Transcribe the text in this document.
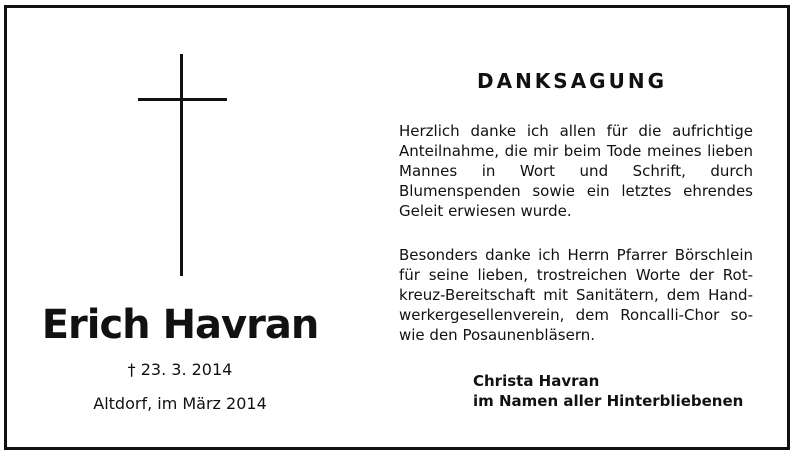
Erich Havran
† 23. 3. 2014
Altdorf, im März 2014
DANKSAGUNG
Herzlich danke ich allen für die aufrichtige Anteilnahme, die mir beim Tode meines lieben Mannes in Wort und Schrift, durch Blumenspenden sowie ein letztes ehrendes Geleit erwiesen wurde.
Besonders danke ich Herrn Pfarrer Börschlein für seine lieben, trostreichen Worte der Rotkreuz-Bereitschaft mit Sanitätern, dem Handwerkergesellenverein, dem Roncalli-Chor sowie den Posaunenbläsern.
Christa Havran
im Namen aller Hinterbliebenen
